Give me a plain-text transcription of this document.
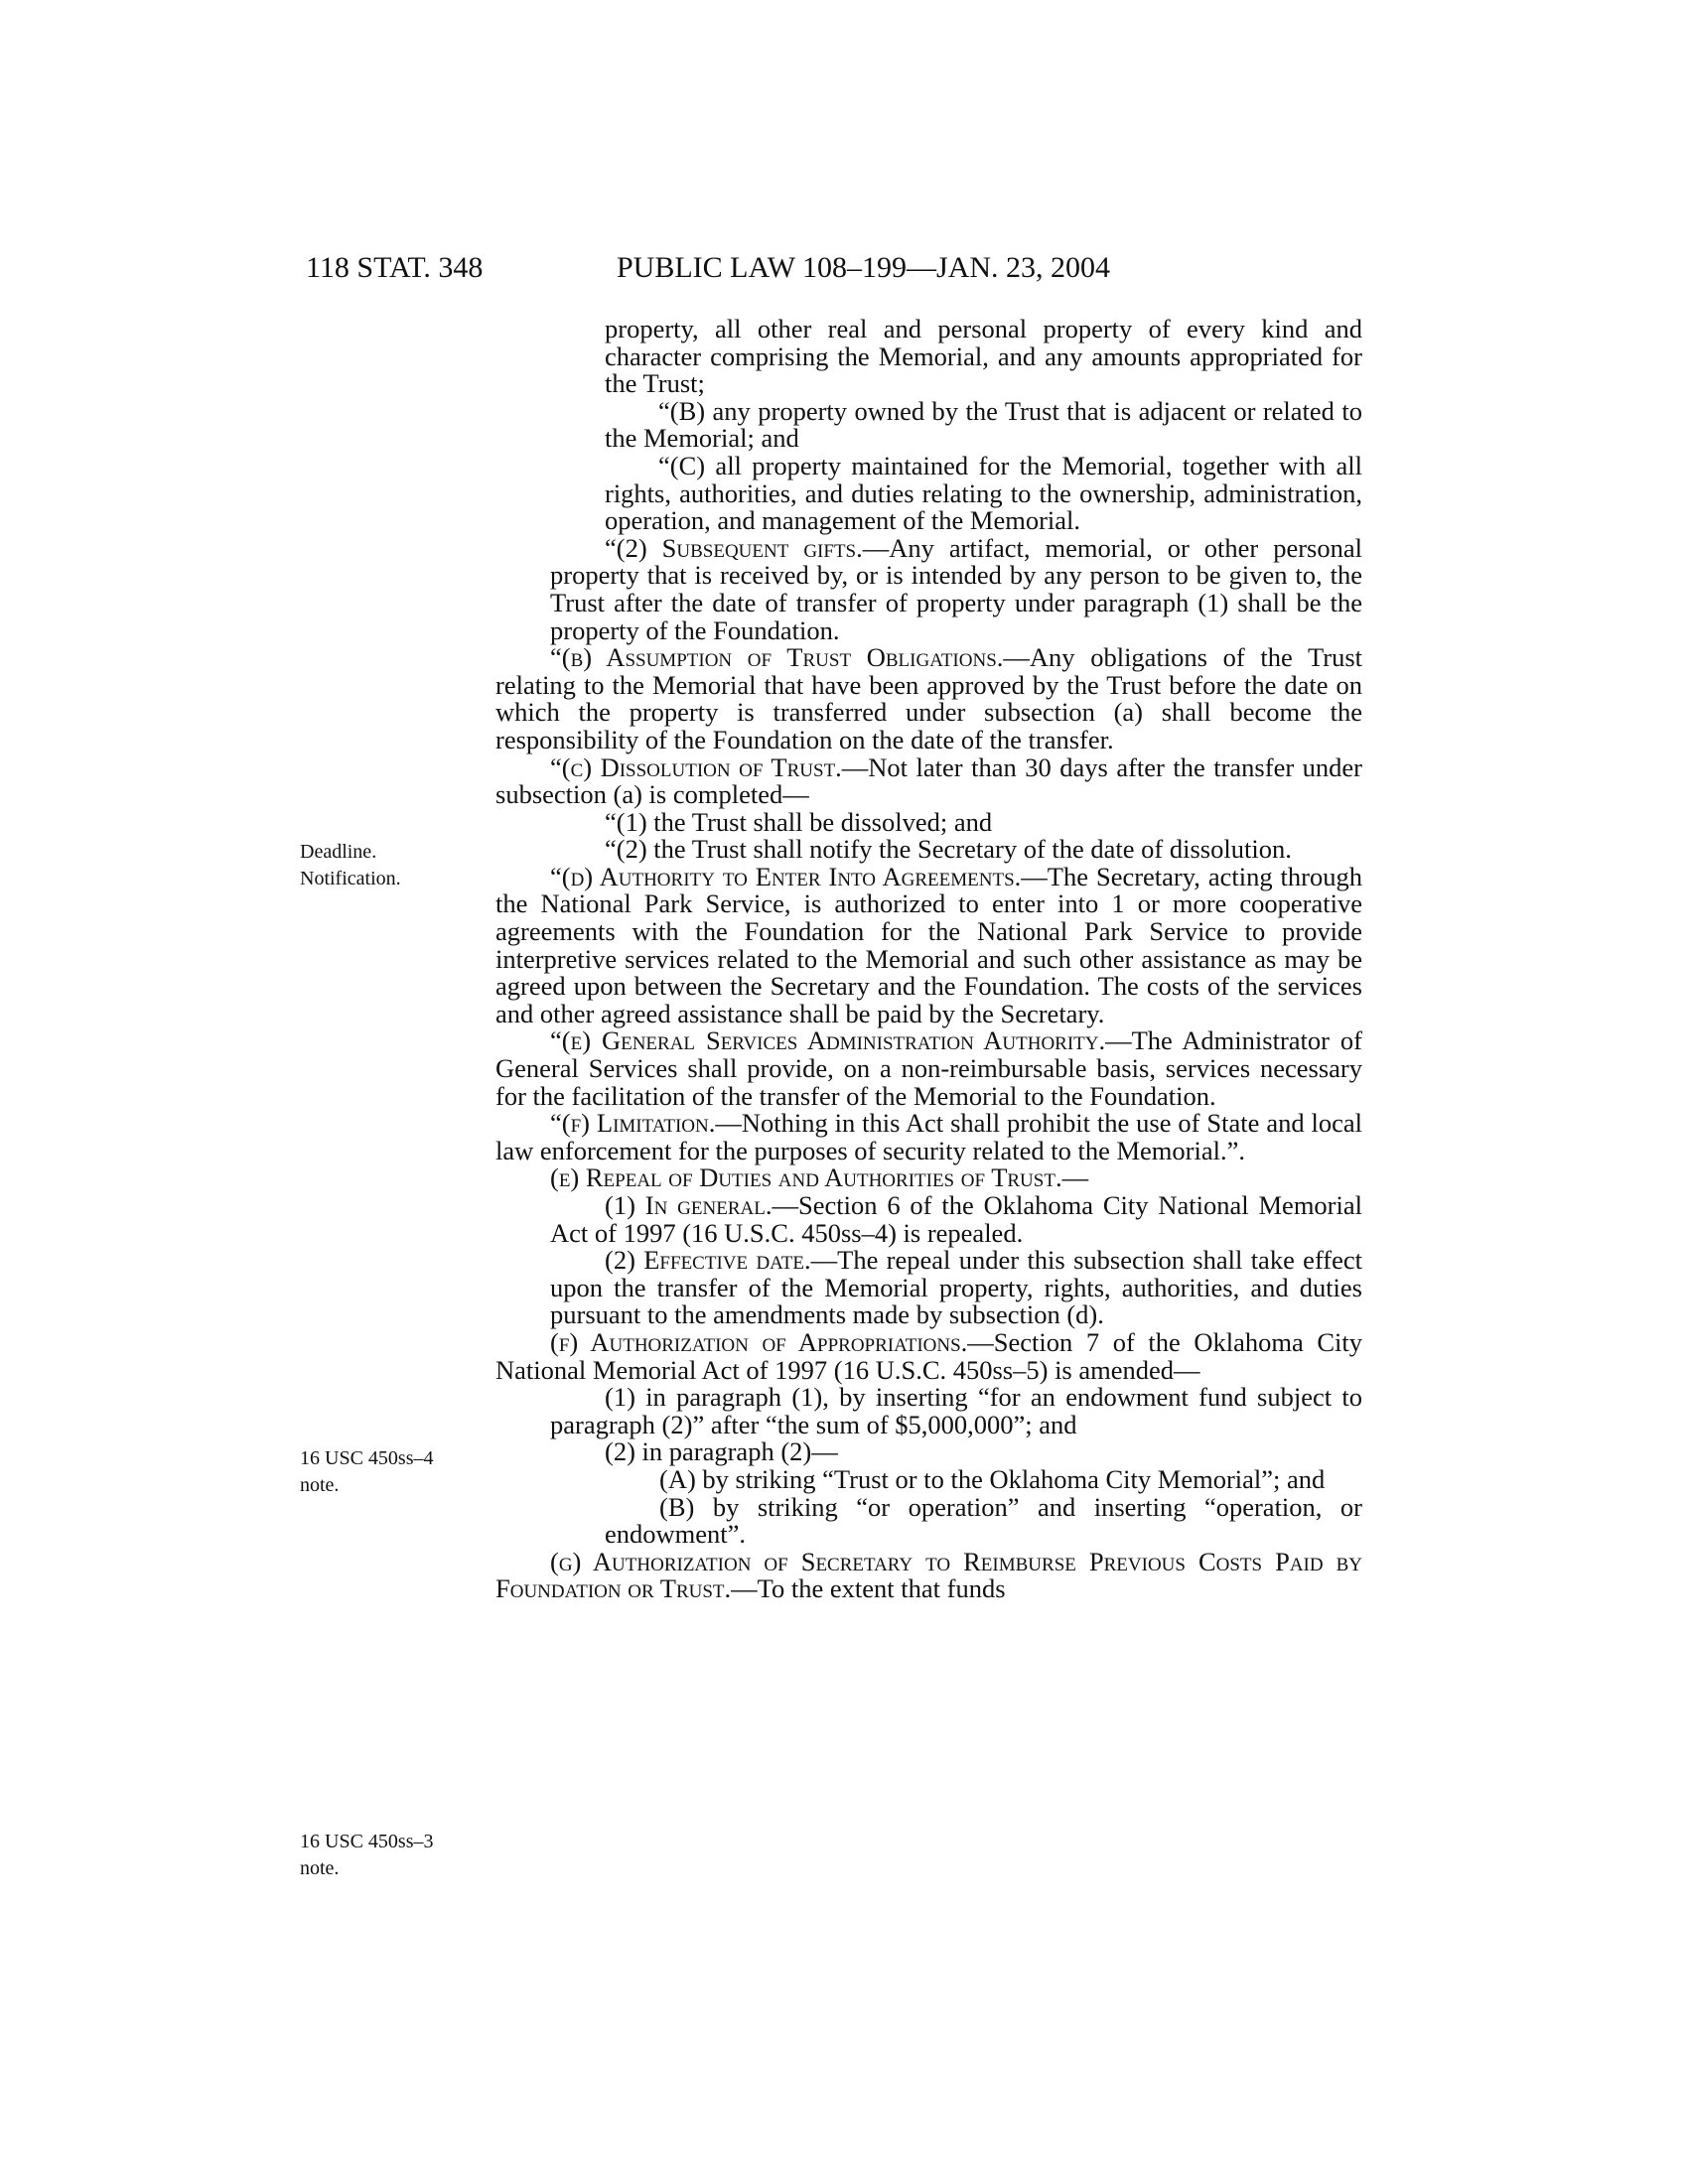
118 STAT. 348	PUBLIC LAW 108–199—JAN. 23, 2004
Deadline.
Notification.
16 USC 450ss–4
note.
16 USC 450ss–3
note.

property, all other real and personal property of every kind and character comprising the Memorial, and any amounts appropriated for the Trust;

“(B) any property owned by the Trust that is adjacent or related to the Memorial; and

“(C) all property maintained for the Memorial, together with all rights, authorities, and duties relating to the ownership, administration, operation, and management of the Memorial.

“(2) Subsequent gifts.—Any artifact, memorial, or other personal property that is received by, or is intended by any person to be given to, the Trust after the date of transfer of property under paragraph (1) shall be the property of the Foundation.

“(b) Assumption of Trust Obligations.—Any obligations of the Trust relating to the Memorial that have been approved by the Trust before the date on which the property is transferred under subsection (a) shall become the responsibility of the Foundation on the date of the transfer.

“(c) Dissolution of Trust.—Not later than 30 days after the transfer under subsection (a) is completed—

“(1) the Trust shall be dissolved; and

“(2) the Trust shall notify the Secretary of the date of dissolution.

“(d) Authority to Enter Into Agreements.—The Secretary, acting through the National Park Service, is authorized to enter into 1 or more cooperative agreements with the Foundation for the National Park Service to provide interpretive services related to the Memorial and such other assistance as may be agreed upon between the Secretary and the Foundation. The costs of the services and other agreed assistance shall be paid by the Secretary.

“(e) General Services Administration Authority.—The Administrator of General Services shall provide, on a non-reimbursable basis, services necessary for the facilitation of the transfer of the Memorial to the Foundation.

“(f) Limitation.—Nothing in this Act shall prohibit the use of State and local law enforcement for the purposes of security related to the Memorial.”.

(e) Repeal of Duties and Authorities of Trust.—

(1) In general.—Section 6 of the Oklahoma City National Memorial Act of 1997 (16 U.S.C. 450ss–4) is repealed.

(2) Effective date.—The repeal under this subsection shall take effect upon the transfer of the Memorial property, rights, authorities, and duties pursuant to the amendments made by subsection (d).

(f) Authorization of Appropriations.—Section 7 of the Oklahoma City National Memorial Act of 1997 (16 U.S.C. 450ss–5) is amended—

(1) in paragraph (1), by inserting “for an endowment fund subject to paragraph (2)” after “the sum of $5,000,000”; and

(2) in paragraph (2)—

(A) by striking “Trust or to the Oklahoma City Memorial”; and

(B) by striking “or operation” and inserting “operation, or endowment”.

(g) Authorization of Secretary to Reimburse Previous Costs Paid by Foundation or Trust.—To the extent that funds
